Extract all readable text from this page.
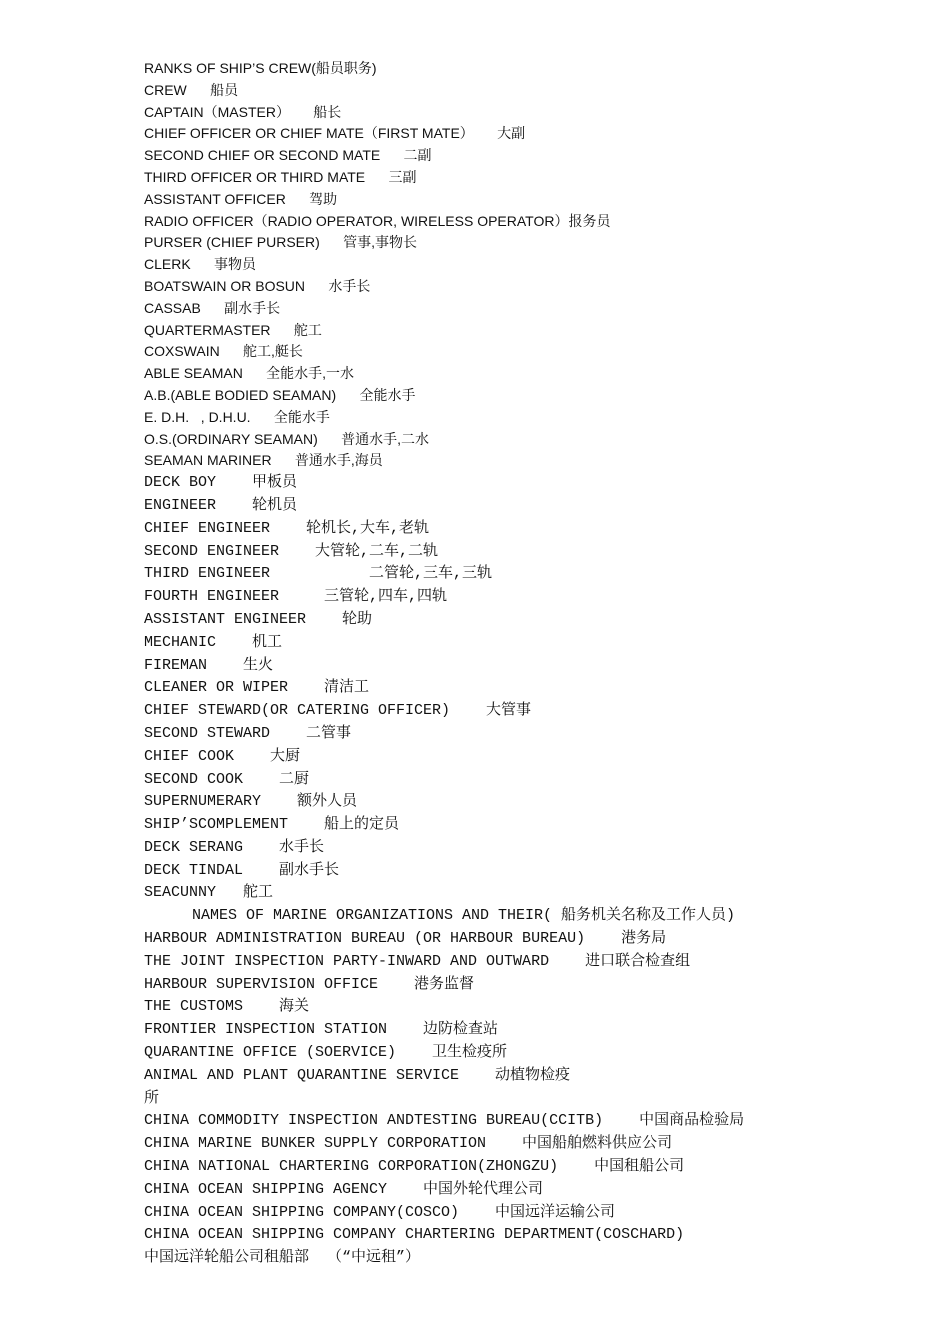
RANKS OF SHIP’S CREW(船员职务)
CREW      船员
CAPTAIN（MASTER）      船长
CHIEF OFFICER OR CHIEF MATE（FIRST MATE）      大副
SECOND CHIEF OR SECOND MATE      二副
THIRD OFFICER OR THIRD MATE      三副
ASSISTANT OFFICER      驾助
RADIO OFFICER（RADIO OPERATOR, WIRELESS OPERATOR）报务员
PURSER (CHIEF PURSER)      管事,事物长
CLERK      事物员
BOATSWAIN OR BOSUN      水手长
CASSAB      副水手长
QUARTERMASTER      舵工
COXSWAIN      舵工,艇长
ABLE SEAMAN      全能水手,一水
A.B.(ABLE BODIED SEAMAN)      全能水手
E. D.H.   , D.H.U.      全能水手
O.S.(ORDINARY SEAMAN)      普通水手,二水
SEAMAN MARINER      普通水手,海员
DECK BOY    甲板员
ENGINEER    轮机员
CHIEF ENGINEER    轮机长,大车,老轨
SECOND ENGINEER    大管轮,二车,二轨
THIRD ENGINEER           二管轮,三车,三轨
FOURTH ENGINEER     三管轮,四车,四轨
ASSISTANT ENGINEER    轮助
MECHANIC    机工
FIREMAN    生火
CLEANER OR WIPER    清洁工
CHIEF STEWARD(OR CATERING OFFICER)    大管事
SECOND STEWARD    二管事
CHIEF COOK    大厨
SECOND COOK    二厨
SUPERNUMERARY    额外人员
SHIP’SCOMPLEMENT    船上的定员
DECK SERANG    水手长
DECK TINDAL    副水手长
SEACUNNY   舵工
NAMES OF MARINE ORGANIZATIONS AND THEIR( 船务机关名称及工作人员)
HARBOUR ADMINISTRATION BUREAU (OR HARBOUR BUREAU)    港务局
THE JOINT INSPECTION PARTY-INWARD AND OUTWARD    进口联合检查组
HARBOUR SUPERVISION OFFICE    港务监督
THE CUSTOMS    海关
FRONTIER INSPECTION STATION    边防检查站
QUARANTINE OFFICE (SOERVICE)    卫生检疫所
ANIMAL AND PLANT QUARANTINE SERVICE    动植物检疫
所
CHINA COMMODITY INSPECTION ANDTESTING BUREAU(CCITB)    中国商品检验局
CHINA MARINE BUNKER SUPPLY CORPORATION    中国船舶燃料供应公司
CHINA NATIONAL CHARTERING CORPORATION(ZHONGZU)    中国租船公司
CHINA OCEAN SHIPPING AGENCY    中国外轮代理公司
CHINA OCEAN SHIPPING COMPANY(COSCO)    中国远洋运输公司
CHINA OCEAN SHIPPING COMPANY CHARTERING DEPARTMENT(COSCHARD)
中国远洋轮船公司租船部  （“中远租”）
